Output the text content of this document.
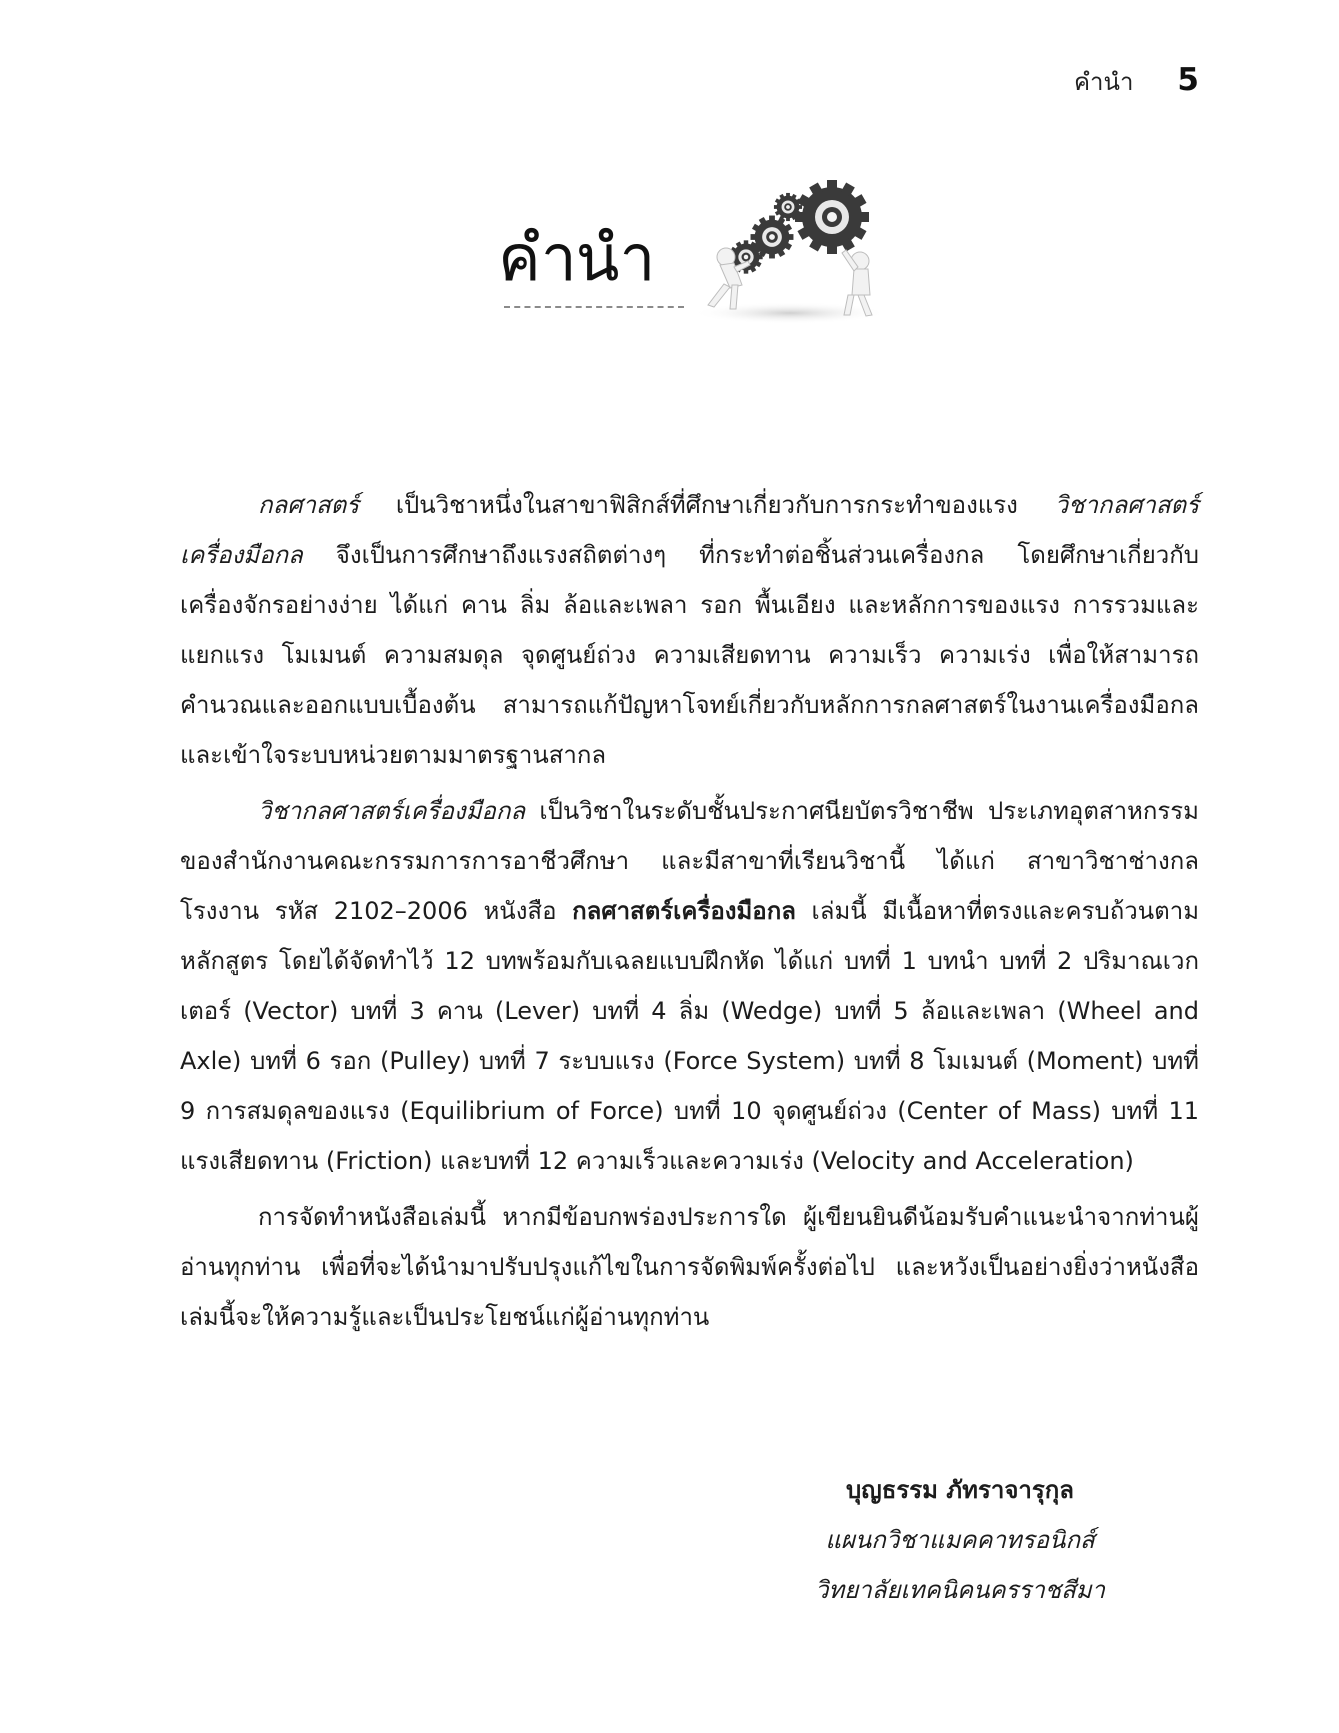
คำนำ 5
คำนำ

กลศาสตร์ เป็นวิชาหนึ่งในสาขาฟิสิกส์ที่ศึกษาเกี่ยวกับการกระทำของแรง วิชากลศาสตร์เครื่องมือกล จึงเป็นการศึกษาถึงแรงสถิตต่างๆ ที่กระทำต่อชิ้นส่วนเครื่องกล โดยศึกษาเกี่ยวกับเครื่องจักรอย่างง่าย ได้แก่ คาน ลิ่ม ล้อและเพลา รอก พื้นเอียง และหลักการของแรง การรวมและแยกแรง โมเมนต์ ความสมดุล จุดศูนย์ถ่วง ความเสียดทาน ความเร็ว ความเร่ง เพื่อให้สามารถคำนวณและออกแบบเบื้องต้น สามารถแก้ปัญหาโจทย์เกี่ยวกับหลักการกลศาสตร์ในงานเครื่องมือกล และเข้าใจระบบหน่วยตามมาตรฐานสากล

วิชากลศาสตร์เครื่องมือกล เป็นวิชาในระดับชั้นประกาศนียบัตรวิชาชีพ ประเภทอุตสาหกรรม ของสำนักงานคณะกรรมการการอาชีวศึกษา และมีสาขาที่เรียนวิชานี้ ได้แก่ สาขาวิชาช่างกลโรงงาน รหัส 2102–2006 หนังสือ กลศาสตร์เครื่องมือกล เล่มนี้ มีเนื้อหาที่ตรงและครบถ้วนตามหลักสูตร โดยได้จัดทำไว้ 12 บทพร้อมกับเฉลยแบบฝึกหัด ได้แก่ บทที่ 1 บทนำ บทที่ 2 ปริมาณเวกเตอร์ (Vector) บทที่ 3 คาน (Lever) บทที่ 4 ลิ่ม (Wedge) บทที่ 5 ล้อและเพลา (Wheel and Axle) บทที่ 6 รอก (Pulley) บทที่ 7 ระบบแรง (Force System) บทที่ 8 โมเมนต์ (Moment) บทที่ 9 การสมดุลของแรง (Equilibrium of Force) บทที่ 10 จุดศูนย์ถ่วง (Center of Mass) บทที่ 11 แรงเสียดทาน (Friction) และบทที่ 12 ความเร็วและความเร่ง (Velocity and Acceleration)

การจัดทำหนังสือเล่มนี้ หากมีข้อบกพร่องประการใด ผู้เขียนยินดีน้อมรับคำแนะนำจากท่านผู้อ่านทุกท่าน เพื่อที่จะได้นำมาปรับปรุงแก้ไขในการจัดพิมพ์ครั้งต่อไป และหวังเป็นอย่างยิ่งว่าหนังสือเล่มนี้จะให้ความรู้และเป็นประโยชน์แก่ผู้อ่านทุกท่าน

บุญธรรม ภัทราจารุกุล
แผนกวิชาแมคคาทรอนิกส์
วิทยาลัยเทคนิคนครราชสีมา
